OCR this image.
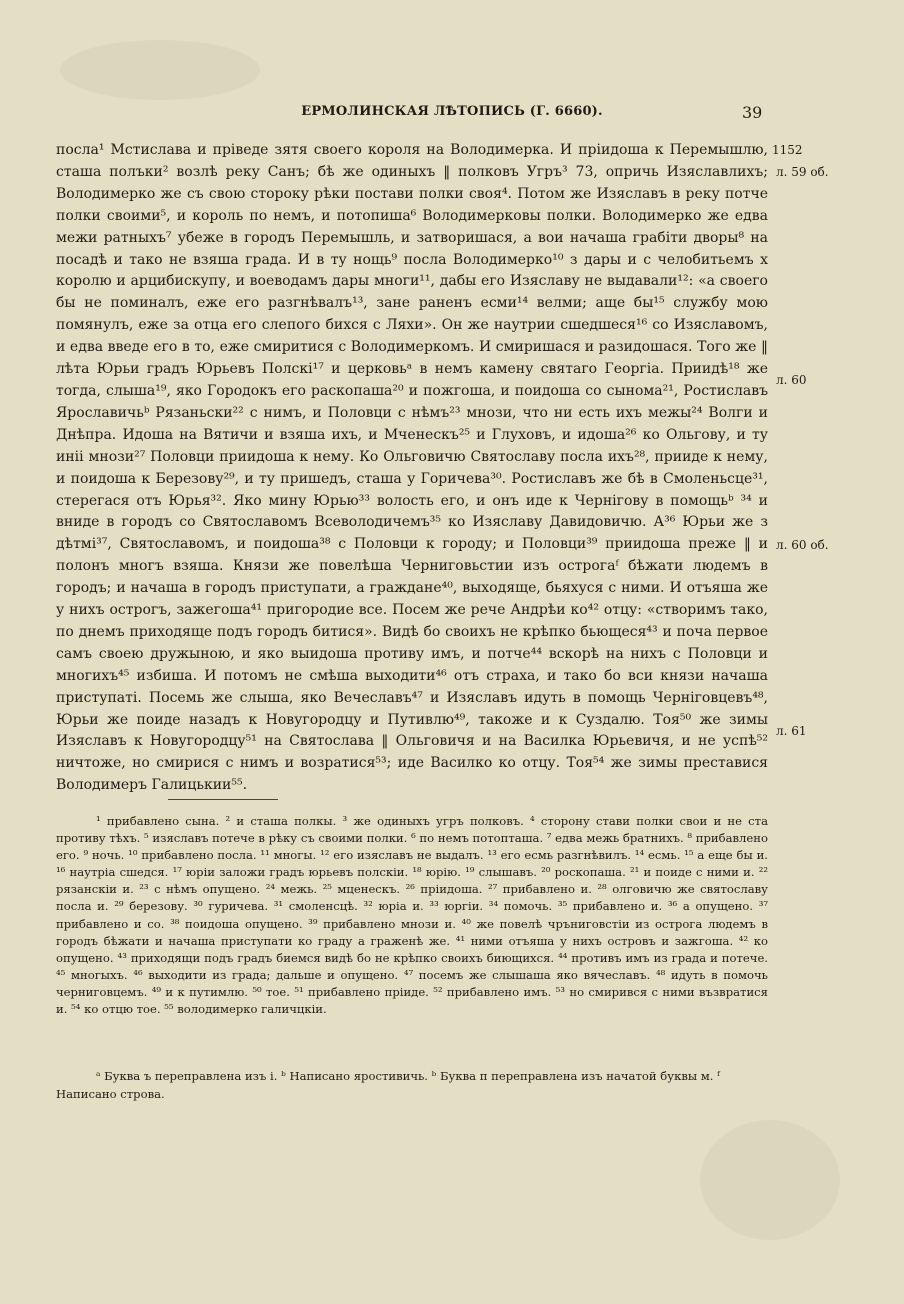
ЕРМОЛИНСКАЯ ЛѢТОПИСЬ (Г. 6660).	39

посла¹ Мстислава и пріведе зятя своего короля на Володимерка. И пріидоша к Перемышлю, сташа полъки² возлѣ реку Санъ; бѣ же одиныхъ ‖ полковъ Угръ³ 73, опричь Изяславлихъ; Володимерко же съ свою стороку рѣки постави полки своя⁴. Потом же Изяславъ в реку потче полки своими⁵, и король по немъ, и потопиша⁶ Володимерковы полки. Володимерко же едва межи ратныхъ⁷ убеже в городъ Перемышль, и затворишася, а вои начаша грабіти дворы⁸ на посадѣ и тако не взяша града. И в ту нощь⁹ посла Володимерко¹⁰ з дары и с челобитьемъ х королю и арцибискупу, и воеводамъ дары многи¹¹, дабы его Изяславу не выдавали¹²: «а своего бы не поминалъ, еже его разгнѣвалъ¹³, зане раненъ есми¹⁴ велми; аще бы¹⁵ службу мою помянулъ, еже за отца его слепого бихся с Ляхи». Он же наутрии сшедшеся¹⁶ со Изяславомъ, и едва введе его в то, еже смиритися с Володимеркомъ. И смиришася и разидошася. Того же ‖ лѣта Юрьи градъ Юрьевъ Полскі¹⁷ и церковьᵃ в немъ камену святаго Георгіа. Приидѣ¹⁸ же тогда, слыша¹⁹, яко Городокъ его раскопаша²⁰ и пожгоша, и поидоша со сынома²¹, Ростиславъ Ярославичьᵇ Рязаньски²² с нимъ, и Половци с нѣмъ²³ мнози, что ни есть ихъ межы²⁴ Волги и Днѣпра. Идоша на Вятичи и взяша ихъ, и Мченескъ²⁵ и Глуховъ, и идоша²⁶ ко Ольгову, и ту инii мнози²⁷ Половци приидоша к нему. Ко Ольговичю Святославу посла ихъ²⁸, прииде к нему, и поидоша к Березову²⁹, и ту пришедъ, сташа у Горичева³⁰. Ростиславъ же бѣ в Смоленьсце³¹, стерегася отъ Юрья³². Яко мину Юрью³³ волость его, и онъ иде к Чернігову в помощьᵇ ³⁴ и вниде в городъ со Святославомъ Всеволодичемъ³⁵ ко Изяславу Давидовичю. А³⁶ Юрьи же з дѣтмі³⁷, Святославомъ, и поидоша³⁸ с Половци к городу; и Половци³⁹ приидоша преже ‖ и полонъ многъ взяша. Князи же повелѣша Черниговьстии изъ острогаᶠ бѣжати людемъ в городъ; и начаша в городъ приступати, а гражданe⁴⁰, выходяще, бьяхуся с ними. И отъяша же у нихъ острогъ, зажегоша⁴¹ пригородие все. Посем же рече Андрѣи ко⁴² отцу: «створимъ тако, по днемъ приходяще подъ городъ битися». Видѣ бо своихъ не крѣпко бьющеся⁴³ и поча первое самъ своею дружыною, и яко выидоша противу имъ, и потче⁴⁴ вскорѣ на нихъ с Половци и многихъ⁴⁵ избиша. И потомъ не смѣша выходити⁴⁶ отъ страха, и тако бо вси князи начаша приступаті. Посемь же слыша, яко Вечеславъ⁴⁷ и Изяславъ идуть в помощь Черніговцевъ⁴⁸, Юрьи же поиде назадъ к Новугородцу и Путивлю⁴⁹, такоже и к Суздалю. Тоя⁵⁰ же зимы Изяславъ к Новугородцу⁵¹ на Святослава ‖ Ольговичя и на Василка Юрьевичя, и не успѣ⁵² ничтоже, но смирися с нимъ и возратися⁵³; иде Василко ко отцу. Тоя⁵⁴ же зимы преставися Володимеръ Галицькии⁵⁵.

1152
л. 59 об.
л. 60
л. 60 об.
л. 61

¹ прибавлено сына. ² и сташа полкы. ³ же одиныхъ угръ полковъ. ⁴ сторону стави полки свои и не ста противу тѣхъ. ⁵ изяславъ потече в рѣку съ своими полки. ⁶ по немъ потопташа. ⁷ едва межь братнихъ. ⁸ прибавлено его. ⁹ ночь. ¹⁰ прибавлено посла. ¹¹ многы. ¹² его изяславъ не выдалъ. ¹³ его есмь разгнѣвилъ. ¹⁴ есмь. ¹⁵ а еще бы и. ¹⁶ наутріа сшедся. ¹⁷ юріи заложи градъ юрьевъ полскіи. ¹⁸ юрію. ¹⁹ слышавъ. ²⁰ роскопаша. ²¹ и поиде с ними и. ²² рязанскіи и. ²³ с нѣмъ опущено. ²⁴ межь. ²⁵ мценескъ. ²⁶ прiидоша. ²⁷ прибавлено и. ²⁸ олговичю же святославу посла и. ²⁹ березову. ³⁰ гуричева. ³¹ смоленсцѣ. ³² юріа и. ³³ юргіи. ³⁴ помочь. ³⁵ прибавлено и. ³⁶ а опущено. ³⁷ прибавлено и со. ³⁸ поидоша опущено. ³⁹ прибавлено мнози и. ⁴⁰ же повелѣ чрънигoвстіи из острога людемъ в городъ бѣжати и начаша приступати ко граду а граженѣ же. ⁴¹ ними отъяша у нихъ островъ и зажгоша. ⁴² ко опущено. ⁴³ приходящи подъ градъ биемся видѣ бо не крѣпко своихъ биющихся. ⁴⁴ противъ имъ из града и потече. ⁴⁵ многыхъ. ⁴⁶ выходити из града; дальше и опущено. ⁴⁷ посемъ же слышаша яко вячеславъ. ⁴⁸ идуть в помочь черниговцемъ. ⁴⁹ и к путимлю. ⁵⁰ тое. ⁵¹ прибавлено пріиде. ⁵² прибавлено имъ. ⁵³ но смирився с ними възвратися и. ⁵⁴ ко отцю тое. ⁵⁵ володимерко галичцкіи.

ᵃ Буква ъ переправлена изъ і. ᵇ Написано яростивичь. ᵇ Буква п переправлена изъ начатой буквы м. ᶠ Написано строва.
